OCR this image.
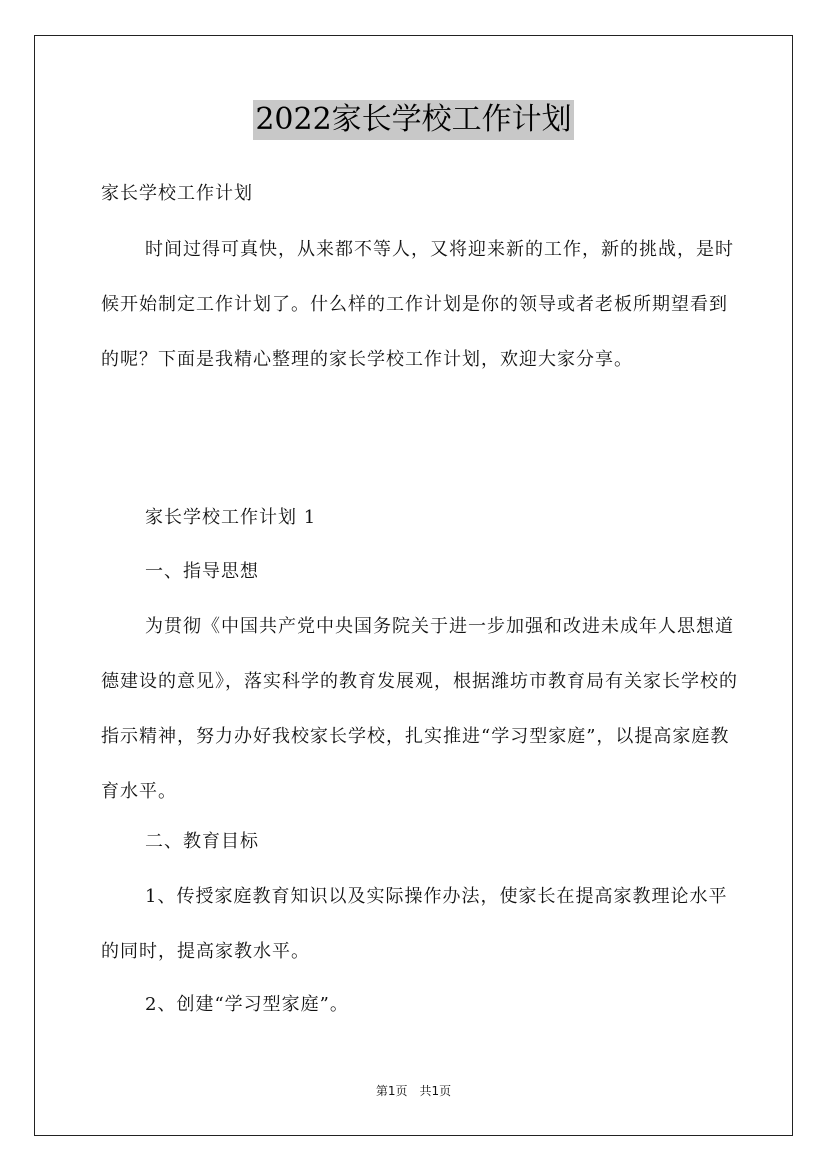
2022家长学校工作计划
家长学校工作计划
时间过得可真快，从来都不等人，又将迎来新的工作，新的挑战，是时候开始制定工作计划了。什么样的工作计划是你的领导或者老板所期望看到的呢？下面是我精心整理的家长学校工作计划，欢迎大家分享。
家长学校工作计划 1
一、指导思想
为贯彻《中国共产党中央国务院关于进一步加强和改进未成年人思想道德建设的意见》，落实科学的教育发展观，根据潍坊市教育局有关家长学校的指示精神，努力办好我校家长学校，扎实推进“学习型家庭”，以提高家庭教育水平。
二、教育目标
1、传授家庭教育知识以及实际操作办法，使家长在提高家教理论水平的同时，提高家教水平。
2、创建“学习型家庭”。
第1页　共1页
